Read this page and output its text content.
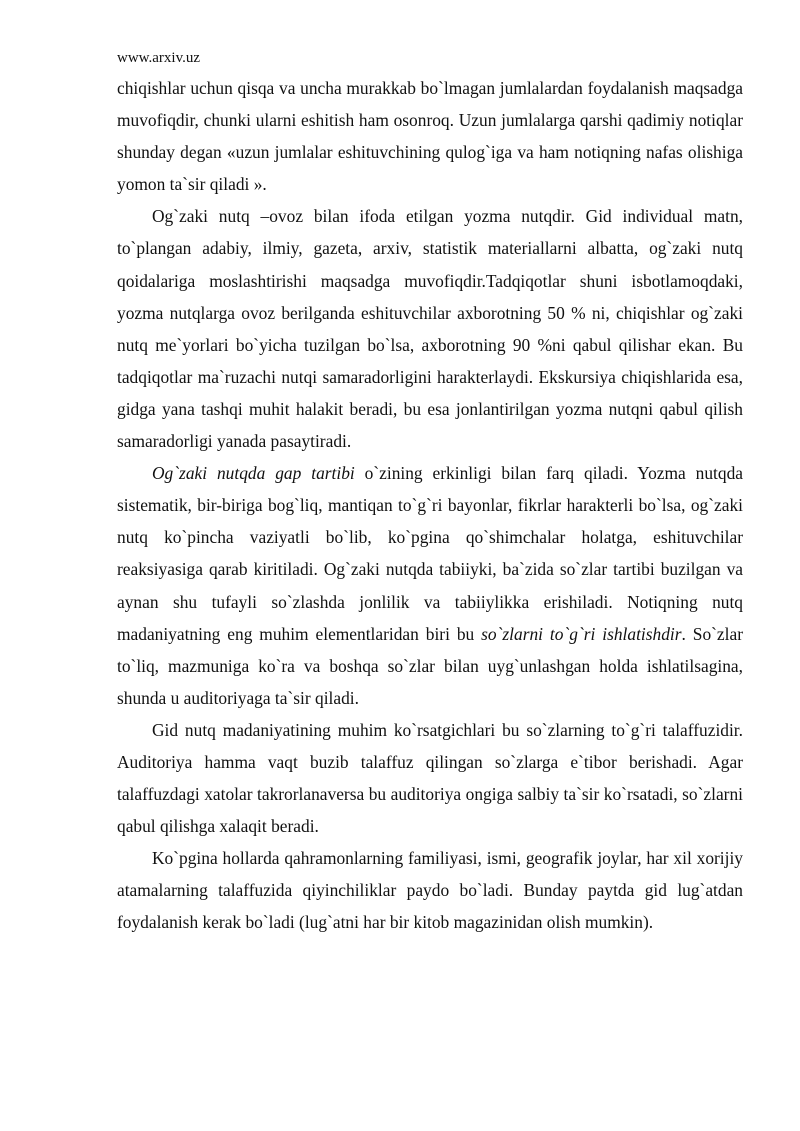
www.arxiv.uz

chiqishlar uchun qisqa va uncha murakkab bo`lmagan jumlalardan foydalanish maqsadga muvofiqdir, chunki ularni eshitish ham osonroq. Uzun jumlalarga qarshi qadimiy notiqlar shunday degan «uzun jumlalar eshituvchining qulog`iga va ham notiqning nafas olishiga yomon ta`sir qiladi ».

Og`zaki nutq –ovoz bilan ifoda etilgan yozma nutqdir. Gid individual matn, to`plangan adabiy, ilmiy, gazeta, arxiv, statistik materiallarni albatta, og`zaki nutq qoidalariga moslashtirishi maqsadga muvofiqdir.Tadqiqotlar shuni isbotlamoqdaki, yozma nutqlarga ovoz berilganda eshituvchilar axborotning 50 % ni, chiqishlar og`zaki nutq me`yorlari bo`yicha tuzilgan bo`lsa, axborotning 90 %ni qabul qilishar ekan. Bu tadqiqotlar ma`ruzachi nutqi samaradorligini harakterlaydi. Ekskursiya chiqishlarida esa, gidga yana tashqi muhit halakit beradi, bu esa jonlantirilgan yozma nutqni qabul qilish samaradorligi yanada pasaytiradi.

Og`zaki nutqda gap tartibi o`zining erkinligi bilan farq qiladi. Yozma nutqda sistematik, bir-biriga bog`liq, mantiqan to`g`ri bayonlar, fikrlar harakterli bo`lsa, og`zaki nutq ko`pincha vaziyatli bo`lib, ko`pgina qo`shimchalar holatga, eshituvchilar reaksiyasiga qarab kiritiladi. Og`zaki nutqda tabiiyki, ba`zida so`zlar tartibi buzilgan va aynan shu tufayli so`zlashda jonlilik va tabiiylikka erishiladi. Notiqning nutq madaniyatning eng muhim elementlaridan biri bu so`zlarni to`g`ri ishlatishdir. So`zlar to`liq, mazmuniga ko`ra va boshqa so`zlar bilan uyg`unlashgan holda ishlatilsagina, shunda u auditoriyaga ta`sir qiladi.

Gid nutq madaniyatining muhim ko`rsatgichlari bu so`zlarning to`g`ri talaffuzidir. Auditoriya hamma vaqt buzib talaffuz qilingan so`zlarga e`tibor berishadi. Agar talaffuzdagi xatolar takrorlanaversa bu auditoriya ongiga salbiy ta`sir ko`rsatadi, so`zlarni qabul qilishga xalaqit beradi.

Ko`pgina hollarda qahramonlarning familiyasi, ismi, geografik joylar, har xil xorijiy atamalarning talaffuzida qiyinchiliklar paydo bo`ladi. Bunday paytda gid lug`atdan foydalanish kerak bo`ladi (lug`atni har bir kitob magazinidan olish mumkin).
